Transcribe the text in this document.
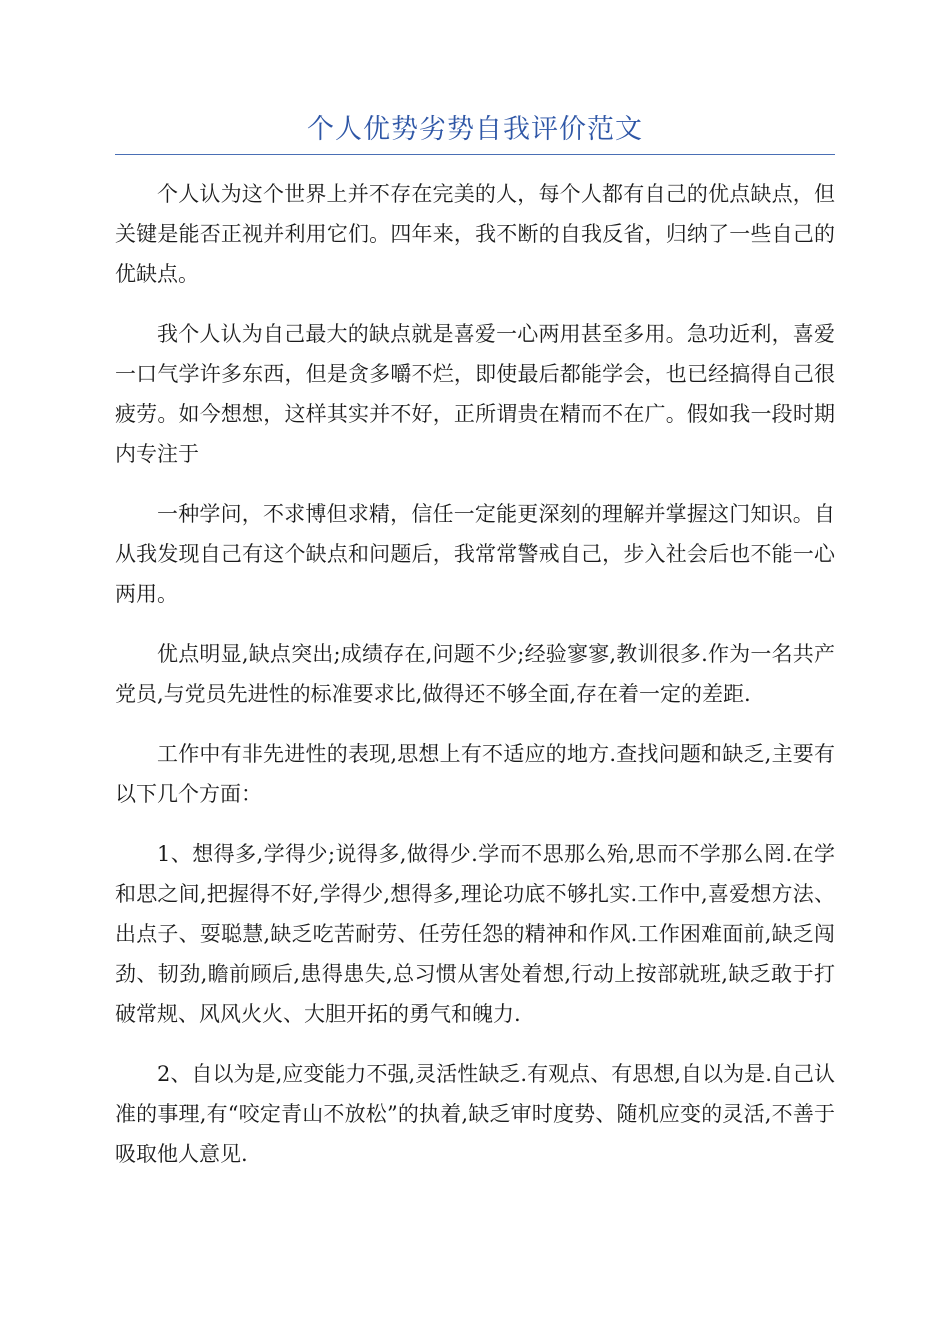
个人优势劣势自我评价范文

个人认为这个世界上并不存在完美的人，每个人都有自己的优点缺点，但关键是能否正视并利用它们。四年来，我不断的自我反省，归纳了一些自己的优缺点。

我个人认为自己最大的缺点就是喜爱一心两用甚至多用。急功近利，喜爱一口气学许多东西，但是贪多嚼不烂，即使最后都能学会，也已经搞得自己很疲劳。如今想想，这样其实并不好，正所谓贵在精而不在广。假如我一段时期内专注于

一种学问，不求博但求精，信任一定能更深刻的理解并掌握这门知识。自从我发现自己有这个缺点和问题后，我常常警戒自己，步入社会后也不能一心两用。

优点明显,缺点突出;成绩存在,问题不少;经验寥寥,教训很多.作为一名共产党员,与党员先进性的标准要求比,做得还不够全面,存在着一定的差距.

工作中有非先进性的表现,思想上有不适应的地方.查找问题和缺乏,主要有以下几个方面：

1、想得多,学得少;说得多,做得少.学而不思那么殆,思而不学那么罔.在学和思之间,把握得不好,学得少,想得多,理论功底不够扎实.工作中,喜爱想方法、出点子、耍聪慧,缺乏吃苦耐劳、任劳任怨的精神和作风.工作困难面前,缺乏闯劲、韧劲,瞻前顾后,患得患失,总习惯从害处着想,行动上按部就班,缺乏敢于打破常规、风风火火、大胆开拓的勇气和魄力.

2、自以为是,应变能力不强,灵活性缺乏.有观点、有思想,自以为是.自己认准的事理,有“咬定青山不放松”的执着,缺乏审时度势、随机应变的灵活,不善于吸取他人意见.
